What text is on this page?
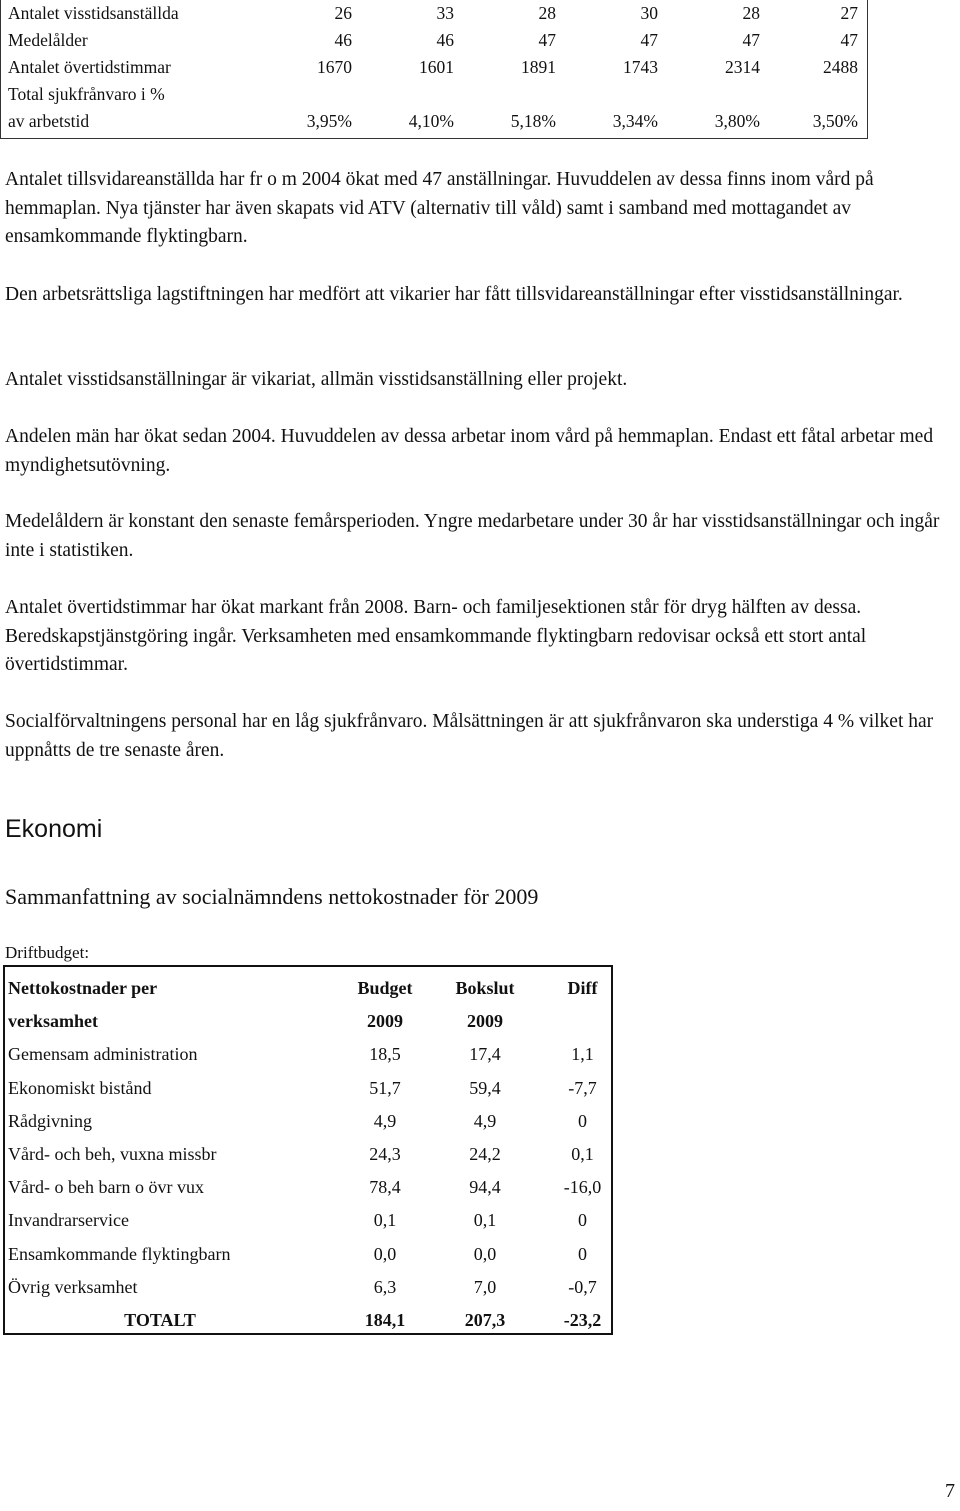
Antalet visstidsanställda	26	33	28	30	28	27
Medelålder	46	46	47	47	47	47
Antalet övertidstimmar	1670	1601	1891	1743	2314	2488
Total sjukfrånvaro i %						
av arbetstid	3,95%	4,10%	5,18%	3,34%	3,80%	3,50%

Antalet tillsvidareanställda har fr o m 2004 ökat med 47 anställningar. Huvuddelen av dessa finns inom vård på hemmaplan. Nya tjänster har även skapats vid ATV (alternativ till våld) samt i samband med mottagandet av ensamkommande flyktingbarn.

Den arbetsrättsliga lagstiftningen har medfört att vikarier har fått tillsvidareanställningar efter visstidsanställningar.

Antalet visstidsanställningar är vikariat, allmän visstidsanställning eller projekt.

Andelen män har ökat sedan 2004. Huvuddelen av dessa arbetar inom vård på hemmaplan. Endast ett fåtal arbetar med myndighetsutövning.

Medelåldern är konstant den senaste femårsperioden. Yngre medarbetare under 30 år har visstidsanställningar och ingår inte i statistiken.

Antalet övertidstimmar har ökat markant från 2008. Barn- och familjesektionen står för dryg hälften av dessa. Beredskapstjänstgöring ingår. Verksamheten med ensamkommande flyktingbarn redovisar också ett stort antal övertidstimmar.

Socialförvaltningens personal har en låg sjukfrånvaro. Målsättningen är att sjukfrånvaron ska understiga 4 % vilket har uppnåtts de tre senaste åren.

Ekonomi

Sammanfattning av socialnämndens nettokostnader för 2009

Driftbudget:

Nettokostnader per	Budget	Bokslut	Diff
verksamhet	2009	2009	
Gemensam administration	18,5	17,4	1,1
Ekonomiskt bistånd	51,7	59,4	-7,7
Rådgivning	4,9	4,9	0
Vård- och beh, vuxna missbr	24,3	24,2	0,1
Vård- o beh barn o övr vux	78,4	94,4	-16,0
Invandrarservice	0,1	0,1	0
Ensamkommande flyktingbarn	0,0	0,0	0
Övrig verksamhet	6,3	7,0	-0,7
TOTALT	184,1	207,3	-23,2

7
